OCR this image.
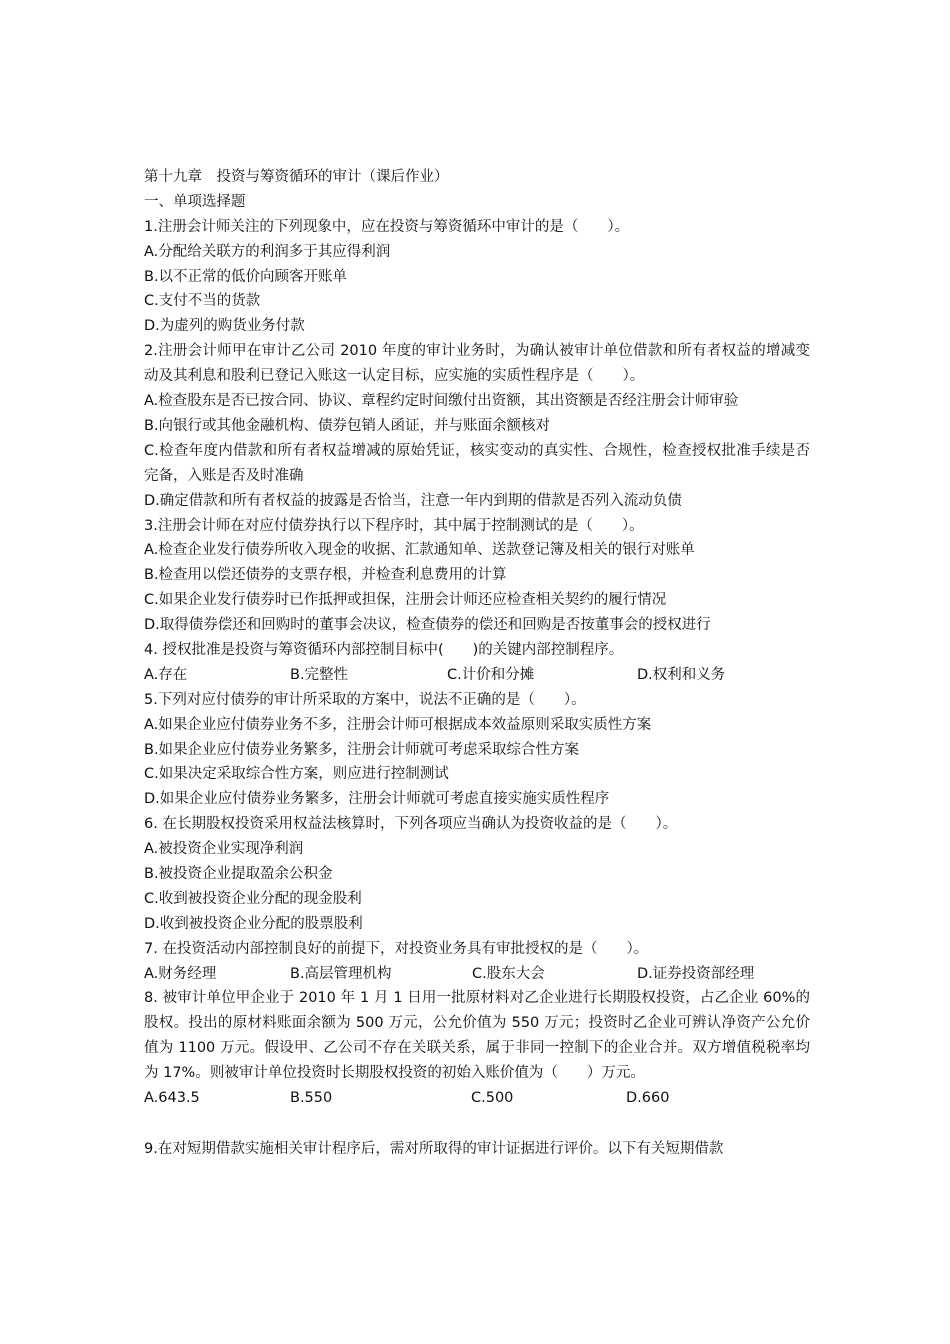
第十九章　投资与筹资循环的审计（课后作业）
一、单项选择题
1.注册会计师关注的下列现象中，应在投资与筹资循环中审计的是（　　）。
A.分配给关联方的利润多于其应得利润
B.以不正常的低价向顾客开账单
C.支付不当的货款
D.为虚列的购货业务付款
2.注册会计师甲在审计乙公司 2010 年度的审计业务时，为确认被审计单位借款和所有者权益的增减变动及其利息和股利已登记入账这一认定目标，应实施的实质性程序是（　　）。
A.检查股东是否已按合同、协议、章程约定时间缴付出资额，其出资额是否经注册会计师审验
B.向银行或其他金融机构、债券包销人函证，并与账面余额核对
C.检查年度内借款和所有者权益增减的原始凭证，核实变动的真实性、合规性，检查授权批准手续是否完备，入账是否及时准确
D.确定借款和所有者权益的披露是否恰当，注意一年内到期的借款是否列入流动负债
3.注册会计师在对应付债券执行以下程序时，其中属于控制测试的是（　　）。
A.检查企业发行债券所收入现金的收据、汇款通知单、送款登记簿及相关的银行对账单
B.检查用以偿还债券的支票存根，并检查利息费用的计算
C.如果企业发行债券时已作抵押或担保，注册会计师还应检查相关契约的履行情况
D.取得债券偿还和回购时的董事会决议，检查债券的偿还和回购是否按董事会的授权进行
4. 授权批准是投资与筹资循环内部控制目标中(　　)的关键内部控制程序。
A.存在	B.完整性	C.计价和分摊	D.权利和义务
5.下列对应付债券的审计所采取的方案中，说法不正确的是（　　）。
A.如果企业应付债券业务不多，注册会计师可根据成本效益原则采取实质性方案
B.如果企业应付债券业务繁多，注册会计师就可考虑采取综合性方案
C.如果决定采取综合性方案，则应进行控制测试
D.如果企业应付债券业务繁多，注册会计师就可考虑直接实施实质性程序
6. 在长期股权投资采用权益法核算时，下列各项应当确认为投资收益的是（　　）。
A.被投资企业实现净利润
B.被投资企业提取盈余公积金
C.收到被投资企业分配的现金股利
D.收到被投资企业分配的股票股利
7. 在投资活动内部控制良好的前提下，对投资业务具有审批授权的是（　　）。
A.财务经理	B.高层管理机构	C.股东大会	D.证券投资部经理
8. 被审计单位甲企业于 2010 年 1 月 1 日用一批原材料对乙企业进行长期股权投资，占乙企业 60%的股权。投出的原材料账面余额为 500 万元，公允价值为 550 万元；投资时乙企业可辨认净资产公允价值为 1100 万元。假设甲、乙公司不存在关联关系，属于非同一控制下的企业合并。双方增值税税率均为 17%。则被审计单位投资时长期股权投资的初始入账价值为（　　）万元。
A.643.5	B.550	C.500	D.660
9.在对短期借款实施相关审计程序后，需对所取得的审计证据进行评价。以下有关短期借款
